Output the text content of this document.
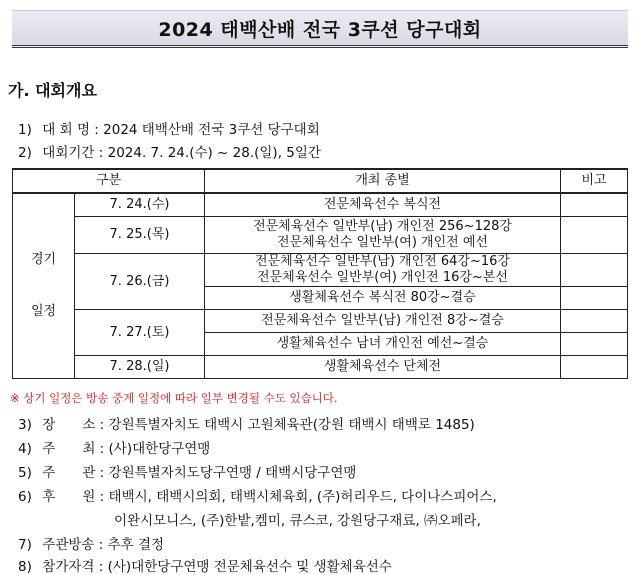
2024 태백산배 전국 3쿠션 당구대회
가. 대회개요
1) 대 회 명 : 2024 태백산배 전국 3쿠션 당구대회
2) 대회기간 : 2024. 7. 24.(수) ~ 28.(일), 5일간
구분		개최 종별	비고
경기

일정	7. 24.(수)	전문체육선수 복식전	
	7. 25.(목)	전문체육선수 일반부(남) 개인전 256~128강
전문체육선수 일반부(여) 개인전 예선	
	7. 26.(금)	전문체육선수 일반부(남) 개인전 64강~16강
전문체육선수 일반부(여) 개인전 16강~본선	
		생활체육선수 복식전 80강~결승	
	7. 27.(토)	전문체육선수 일반부(남) 개인전 8강~결승	
		생활체육선수 남녀 개인전 예선~결승	
	7. 28.(일)	생활체육선수 단체전	
※ 상기 일정은 방송 중계 일정에 따라 일부 변경될 수도 있습니다.
3) 장　　소 : 강원특별자치도 태백시 고원체육관(강원 태백시 태백로 1485)
4) 주　　최 : (사)대한당구연맹
5) 주　　관 : 강원특별자치도당구연맹 / 태백시당구연맹
6) 후　　원 : 태백시, 태백시의회, 태백시체육회, (주)허리우드, 다이나스피어스,
이완시모니스, (주)한밭,켐미, 큐스코, 강원당구재료, ㈜오페라,
7) 주관방송 : 추후 결정
8) 참가자격 : (사)대한당구연맹 전문체육선수 및 생활체육선수
